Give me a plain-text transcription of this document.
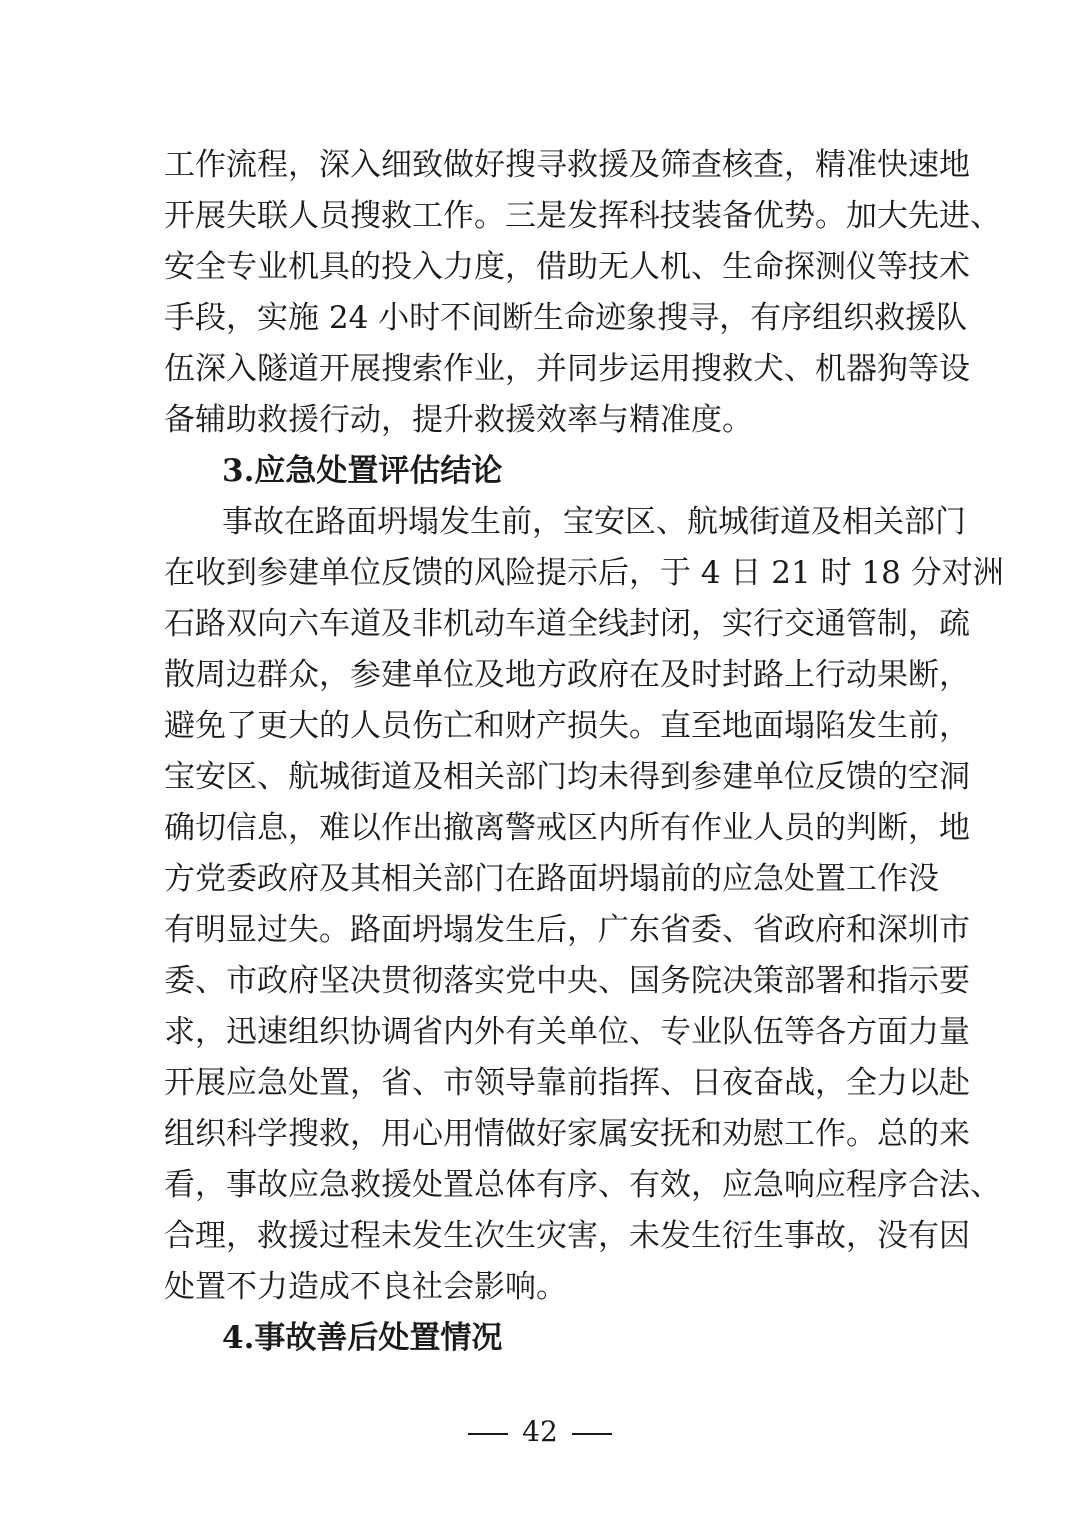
工作流程，深入细致做好搜寻救援及筛查核查，精准快速地
开展失联人员搜救工作。三是发挥科技装备优势。加大先进、
安全专业机具的投入力度，借助无人机、生命探测仪等技术
手段，实施 24 小时不间断生命迹象搜寻，有序组织救援队
伍深入隧道开展搜索作业，并同步运用搜救犬、机器狗等设
备辅助救援行动，提升救援效率与精准度。
3.应急处置评估结论
事故在路面坍塌发生前，宝安区、航城街道及相关部门
在收到参建单位反馈的风险提示后，于 4 日 21 时 18 分对洲
石路双向六车道及非机动车道全线封闭，实行交通管制，疏
散周边群众，参建单位及地方政府在及时封路上行动果断，
避免了更大的人员伤亡和财产损失。直至地面塌陷发生前，
宝安区、航城街道及相关部门均未得到参建单位反馈的空洞
确切信息，难以作出撤离警戒区内所有作业人员的判断，地
方党委政府及其相关部门在路面坍塌前的应急处置工作没
有明显过失。路面坍塌发生后，广东省委、省政府和深圳市
委、市政府坚决贯彻落实党中央、国务院决策部署和指示要
求，迅速组织协调省内外有关单位、专业队伍等各方面力量
开展应急处置，省、市领导靠前指挥、日夜奋战，全力以赴
组织科学搜救，用心用情做好家属安抚和劝慰工作。总的来
看，事故应急救援处置总体有序、有效，应急响应程序合法、
合理，救援过程未发生次生灾害，未发生衍生事故，没有因
处置不力造成不良社会影响。
4.事故善后处置情况
42
